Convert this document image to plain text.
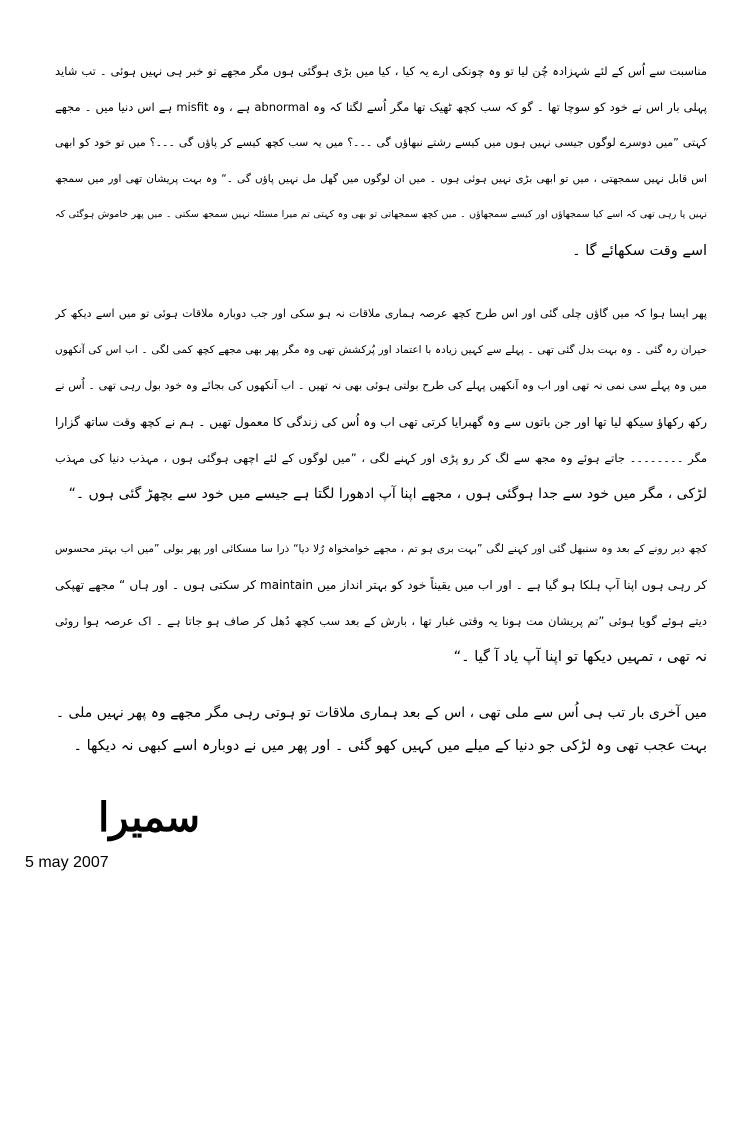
مناسبت سے اُس کے لئے شہزادہ چُن لیا تو وہ چونکی ارے یہ کیا ، کیا میں بڑی ہوگئی ہوں مگر مجھے تو خبر ہی نہیں ہوئی ۔ تب شاید
پہلی بار اس نے خود کو سوچا تھا ۔ گو کہ سب کچھ ٹھیک تھا مگر اُسے لگتا کہ وہ abnormal ہے ، وہ misfit ہے اس دنیا میں ۔ مجھے
کہتی ”میں دوسرے لوگوں جیسی نہیں ہوں میں کیسے رشتے نبھاؤں گی ۔۔۔؟ میں یہ سب کچھ کیسے کر پاؤں گی ۔۔۔؟ میں تو خود کو ابھی
اس قابل نہیں سمجھتی ، میں تو ابھی بڑی نہیں ہوئی ہوں ۔ میں ان لوگوں میں گھل مل نہیں پاؤں گی ۔“ وہ بہت پریشان تھی اور میں سمجھ
نہیں پا رہی تھی کہ اسے کیا سمجھاؤں اور کیسے سمجھاؤں ۔ میں کچھ سمجھاتی تو بھی وہ کہتی تم میرا مسئلہ نہیں سمجھ سکتی ۔ میں پھر خاموش ہوگئی کہ
اسے وقت سکھائے گا ۔
پھر ایسا ہوا کہ میں گاؤں چلی گئی اور اس طرح کچھ عرصہ ہماری ملاقات نہ ہو سکی اور جب دوبارہ ملاقات ہوئی تو میں اسے دیکھ کر
حیران رہ گئی ۔ وہ بہت بدل گئی تھی ۔ پہلے سے کہیں زیادہ با اعتماد اور پُرکشش تھی وہ مگر پھر بھی مجھے کچھ کمی لگی ۔ اب اس کی آنکھوں
میں وہ پہلے سی نمی نہ تھی اور اب وہ آنکھیں پہلے کی طرح بولتی ہوئی بھی نہ تھیں ۔ اب آنکھوں کی بجائے وہ خود بول رہی تھی ۔ اُس نے
رکھ رکھاؤ سیکھ لیا تھا اور جن باتوں سے وہ گھبرایا کرتی تھی اب وہ اُس کی زندگی کا معمول تھیں ۔ ہم نے کچھ وقت ساتھ گزارا
مگر ۔۔۔۔۔۔۔۔ جاتے ہوئے وہ مجھ سے لگ کر رو پڑی اور کہنے لگی ، ”میں لوگوں کے لئے اچھی ہوگئی ہوں ، مہذب دنیا کی مہذب
لڑکی ، مگر میں خود سے جدا ہوگئی ہوں ، مجھے اپنا آپ ادھورا لگتا ہے جیسے میں خود سے بچھڑ گئی ہوں ۔“
کچھ دیر رونے کے بعد وہ سنبھل گئی اور کہنے لگی ”بہت بری ہو تم ، مجھے خوامخواہ رُلا دیا“ ذرا سا مسکائی اور پھر بولی ”میں اب بہتر محسوس
کر رہی ہوں اپنا آپ ہلکا ہو گیا ہے ۔ اور اب میں یقیناً خود کو بہتر انداز میں maintain کر سکتی ہوں ۔ اور ہاں “ مجھے تھپکی
دیتے ہوئے گویا ہوئی ”تم پریشان مت ہونا یہ وقتی غبار تھا ، بارش کے بعد سب کچھ دُھل کر صاف ہو جاتا ہے ۔ اک عرصہ ہوا روئی
نہ تھی ، تمہیں دیکھا تو اپنا آپ یاد آ گیا ۔“
میں آخری بار تب ہی اُس سے ملی تھی ، اس کے بعد ہماری ملاقات تو ہوتی رہی مگر مجھے وہ پھر نہیں ملی ۔
بہت عجب تھی وہ لڑکی جو دنیا کے میلے میں کہیں کھو گئی ۔ اور پھر میں نے دوبارہ اسے کبھی نہ دیکھا ۔
سمیرا
5 may 2007
